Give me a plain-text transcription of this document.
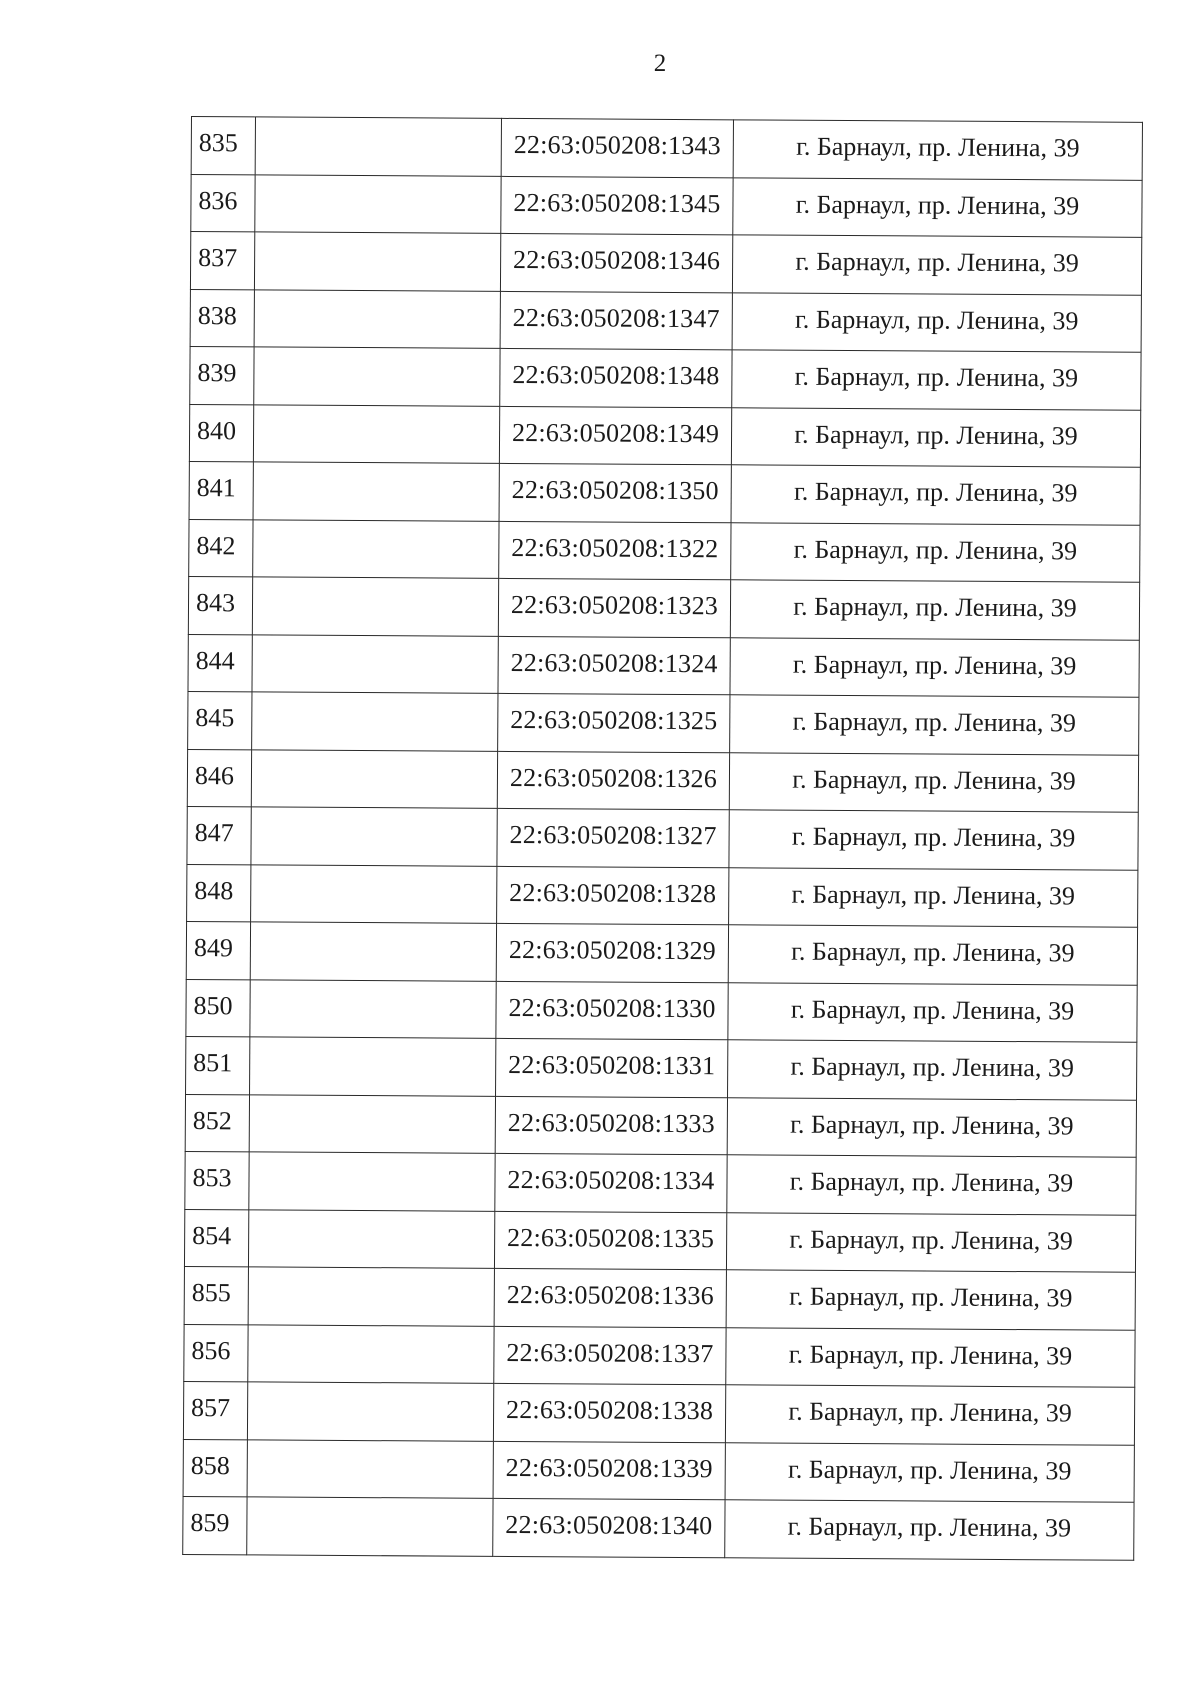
2
835		22:63:050208:1343	г. Барнаул, пр. Ленина, 39
836		22:63:050208:1345	г. Барнаул, пр. Ленина, 39
837		22:63:050208:1346	г. Барнаул, пр. Ленина, 39
838		22:63:050208:1347	г. Барнаул, пр. Ленина, 39
839		22:63:050208:1348	г. Барнаул, пр. Ленина, 39
840		22:63:050208:1349	г. Барнаул, пр. Ленина, 39
841		22:63:050208:1350	г. Барнаул, пр. Ленина, 39
842		22:63:050208:1322	г. Барнаул, пр. Ленина, 39
843		22:63:050208:1323	г. Барнаул, пр. Ленина, 39
844		22:63:050208:1324	г. Барнаул, пр. Ленина, 39
845		22:63:050208:1325	г. Барнаул, пр. Ленина, 39
846		22:63:050208:1326	г. Барнаул, пр. Ленина, 39
847		22:63:050208:1327	г. Барнаул, пр. Ленина, 39
848		22:63:050208:1328	г. Барнаул, пр. Ленина, 39
849		22:63:050208:1329	г. Барнаул, пр. Ленина, 39
850		22:63:050208:1330	г. Барнаул, пр. Ленина, 39
851		22:63:050208:1331	г. Барнаул, пр. Ленина, 39
852		22:63:050208:1333	г. Барнаул, пр. Ленина, 39
853		22:63:050208:1334	г. Барнаул, пр. Ленина, 39
854		22:63:050208:1335	г. Барнаул, пр. Ленина, 39
855		22:63:050208:1336	г. Барнаул, пр. Ленина, 39
856		22:63:050208:1337	г. Барнаул, пр. Ленина, 39
857		22:63:050208:1338	г. Барнаул, пр. Ленина, 39
858		22:63:050208:1339	г. Барнаул, пр. Ленина, 39
859		22:63:050208:1340	г. Барнаул, пр. Ленина, 39
